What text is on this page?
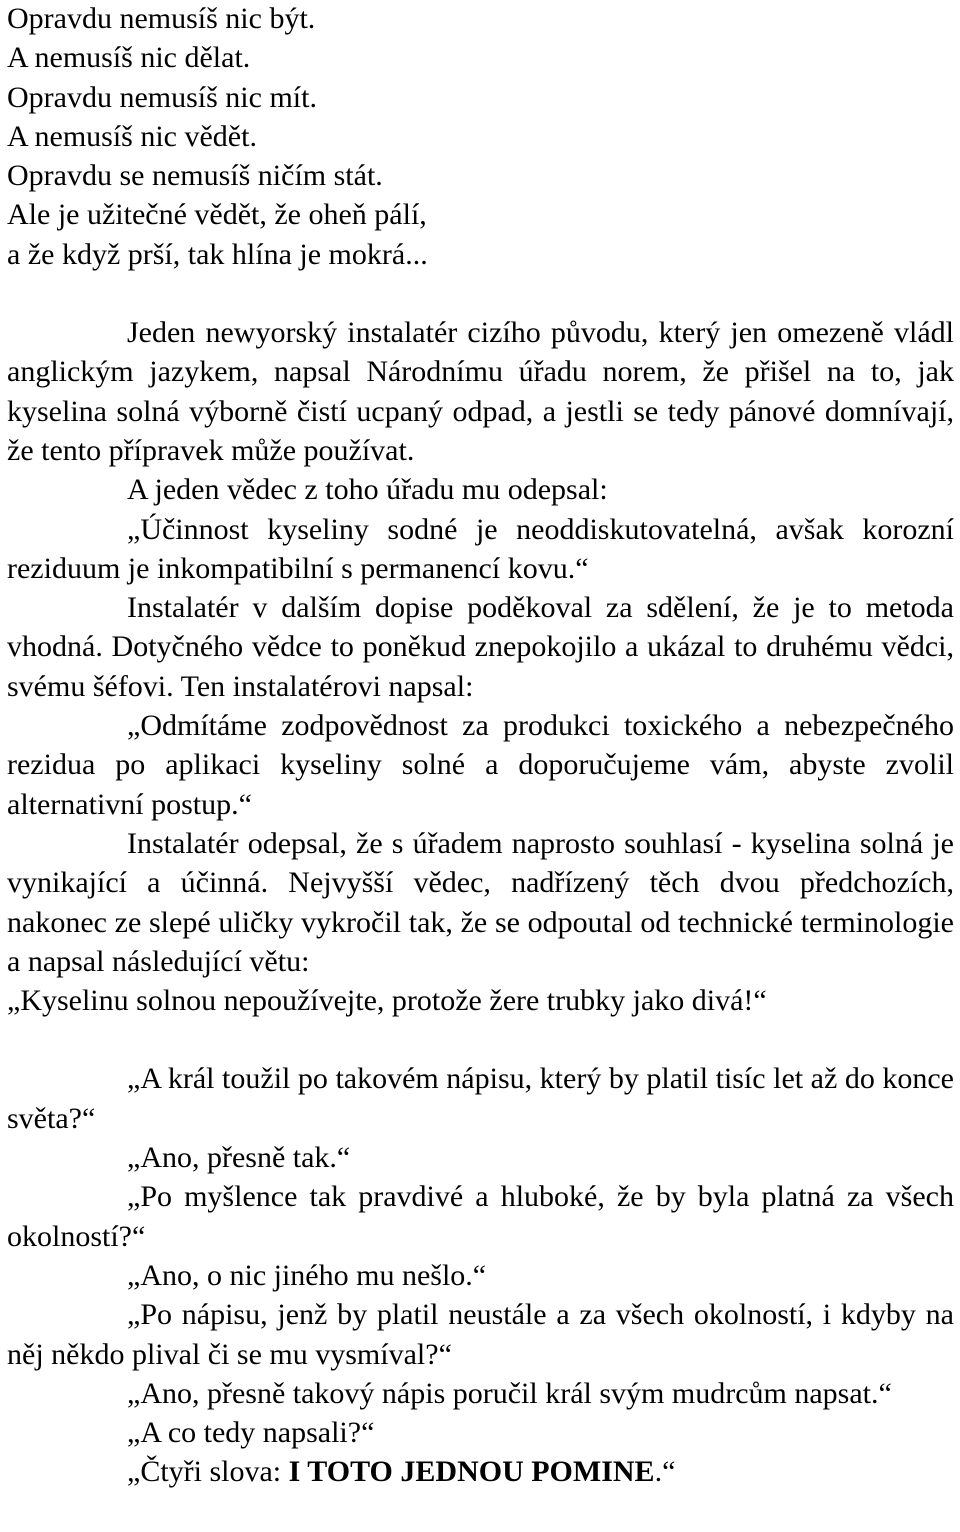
Opravdu nemusíš nic být.
A nemusíš nic dělat.
Opravdu nemusíš nic mít.
A nemusíš nic vědět.
Opravdu se nemusíš ničím stát.
Ale je užitečné vědět, že oheň pálí,
a že když prší, tak hlína je mokrá...

Jeden newyorský instalatér cizího původu, který jen omezeně vládl anglickým jazykem, napsal Národnímu úřadu norem, že přišel na to, jak kyselina solná výborně čistí ucpaný odpad, a jestli se tedy pánové domnívají, že tento přípravek může používat.

A jeden vědec z toho úřadu mu odepsal:

„Účinnost kyseliny sodné je neoddiskutovatelná, avšak korozní reziduum je inkompatibilní s permanencí kovu.“

Instalatér v dalším dopise poděkoval za sdělení, že je to metoda vhodná. Dotyčného vědce to poněkud znepokojilo a ukázal to druhému vědci, svému šéfovi. Ten instalatérovi napsal:

„Odmítáme zodpovědnost za produkci toxického a nebezpečného rezidua po aplikaci kyseliny solné a doporučujeme vám, abyste zvolil alternativní postup.“

Instalatér odepsal, že s úřadem naprosto souhlasí - kyselina solná je vynikající a účinná. Nejvyšší vědec, nadřízený těch dvou předchozích, nakonec ze slepé uličky vykročil tak, že se odpoutal od technické terminologie a napsal následující větu:

„Kyselinu solnou nepoužívejte, protože žere trubky jako divá!“

„A král toužil po takovém nápisu, který by platil tisíc let až do konce světa?“

„Ano, přesně tak.“

„Po myšlence tak pravdivé a hluboké, že by byla platná za všech okolností?“

„Ano, o nic jiného mu nešlo.“

„Po nápisu, jenž by platil neustále a za všech okolností, i kdyby na něj někdo plival či se mu vysmíval?“

„Ano, přesně takový nápis poručil král svým mudrcům napsat.“

„A co tedy napsali?“

„Čtyři slova: I TOTO JEDNOU POMINE.“
